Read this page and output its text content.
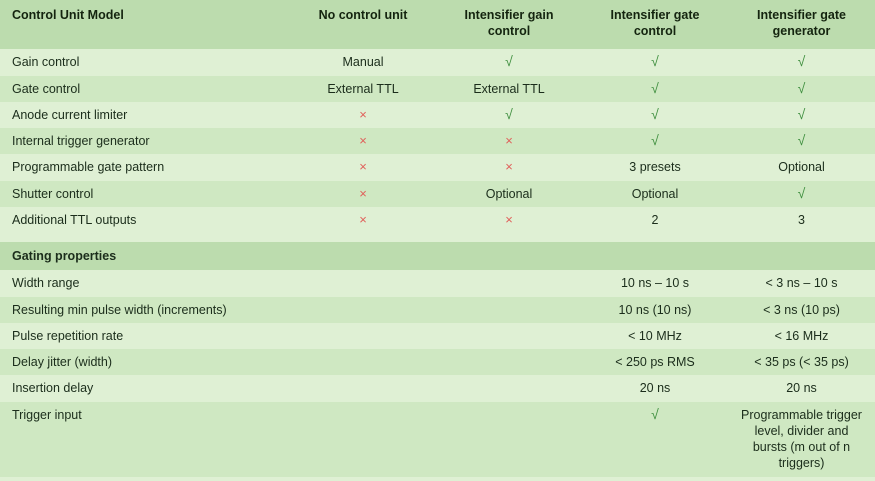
Control Unit Model	No control unit	Intensifier gain control	Intensifier gate control	Intensifier gate generator
Gain control	Manual	√	√	√
Gate control	External TTL	External TTL	√	√
Anode current limiter	×	√	√	√
Internal trigger generator	×	×	√	√
Programmable gate pattern	×	×	3 presets	Optional
Shutter control	×	Optional	Optional	√
Additional TTL outputs	×	×	2	3

Gating properties				
Width range			10 ns – 10 s	< 3 ns – 10 s
Resulting min pulse width (increments)			10 ns (10 ns)	< 3 ns (10 ps)
Pulse repetition rate			< 10 MHz	< 16 MHz
Delay jitter (width)			< 250 ps RMS	< 35 ps (< 35 ps)
Insertion delay			20 ns	20 ns
Trigger input			√	Programmable trigger level, divider and bursts (m out of n triggers)
